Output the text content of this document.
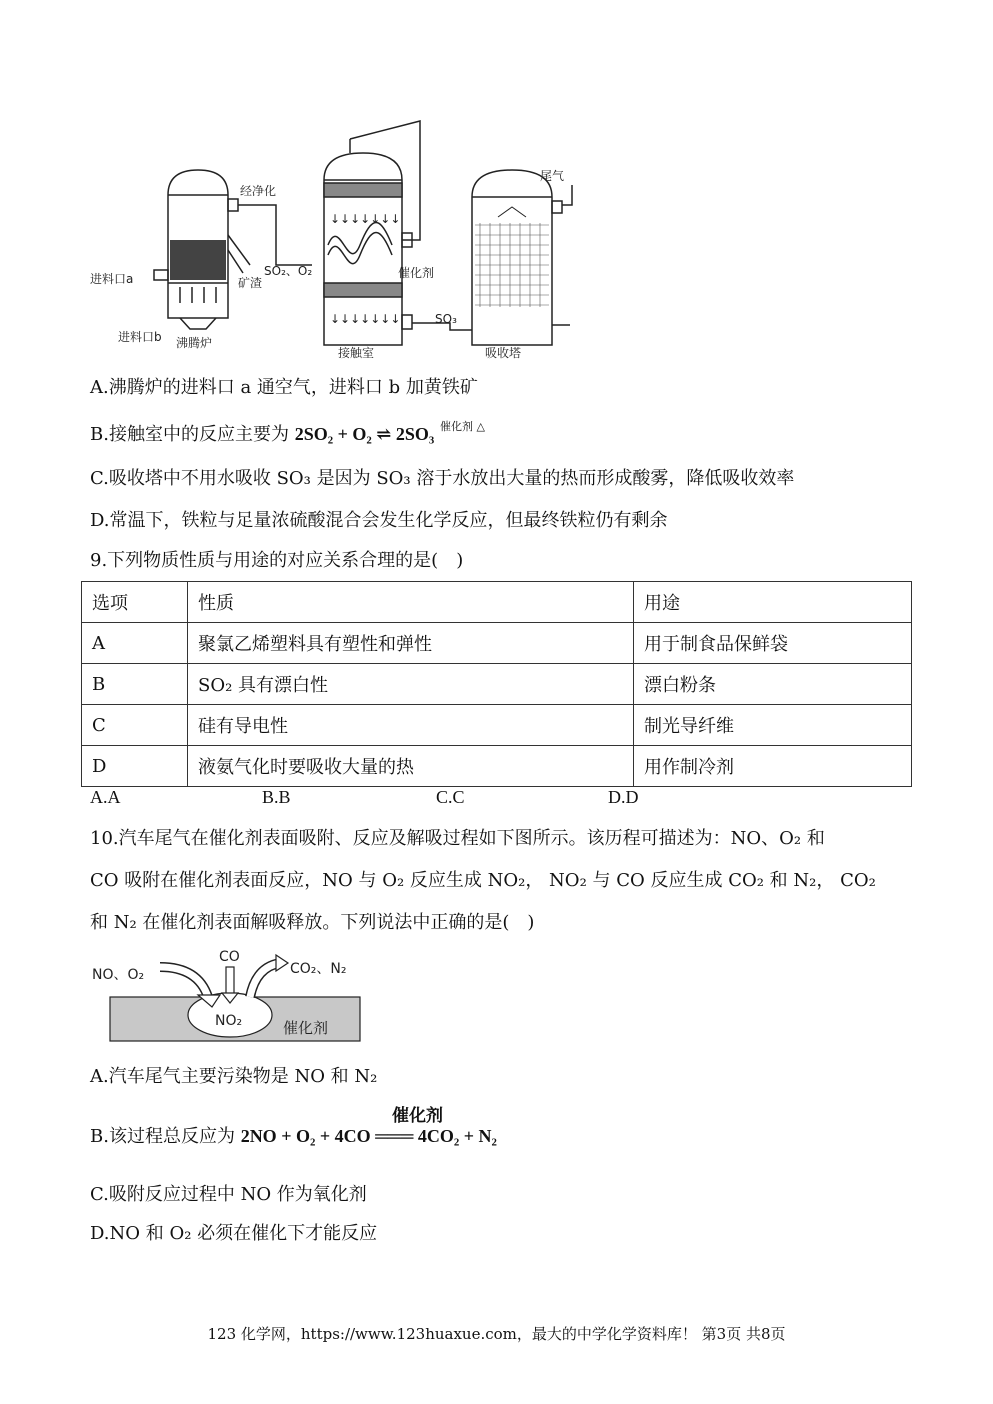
↓↓↓↓↓↓↓
↓↓↓↓↓↓↓
经净化
进料口a	矿渣
进料口b 沸腾炉
SO₂、O₂	催化剂
SO₃
接触室
尾气
吸收塔
A.沸腾炉的进料口 a 通空气，进料口 b 加黄铁矿
B.接触室中的反应主要为 2SO₂ + O₂ ⇌ 2SO₃ $^{催化剂 \triangle}$
C.吸收塔中不用水吸收 SO₃ 是因为 SO₃ 溶于水放出大量的热而形成酸雾，降低吸收效率
D.常温下，铁粒与足量浓硫酸混合会发生化学反应，但最终铁粒仍有剩余
9.下列物质性质与用途的对应关系合理的是(　)
选项	性质	用途
A	聚氯乙烯塑料具有塑性和弹性	用于制食品保鲜袋
B	SO₂ 具有漂白性	漂白粉条
C	硅有导电性	制光导纤维
D	液氨气化时要吸收大量的热	用作制冷剂
A.A	B.B	C.C	D.D
10.汽车尾气在催化剂表面吸附、反应及解吸过程如下图所示。该历程可描述为：NO、O₂ 和
CO 吸附在催化剂表面反应，NO 与 O₂ 反应生成 NO₂， NO₂ 与 CO 反应生成 CO₂ 和 N₂， CO₂
和 N₂ 在催化剂表面解吸释放。下列说法中正确的是(　)
NO、O₂
CO
CO₂、N₂
NO₂	催化剂
A.汽车尾气主要污染物是 NO 和 N₂
B.该过程总反应为 2NO + O₂ + 4CO ═══ 4CO₂ + N₂
催化剂
C.吸附反应过程中 NO 作为氧化剂
D.NO 和 O₂ 必须在催化下才能反应
123 化学网，https://www.123huaxue.com，最大的中学化学资料库！ 第3页 共8页
